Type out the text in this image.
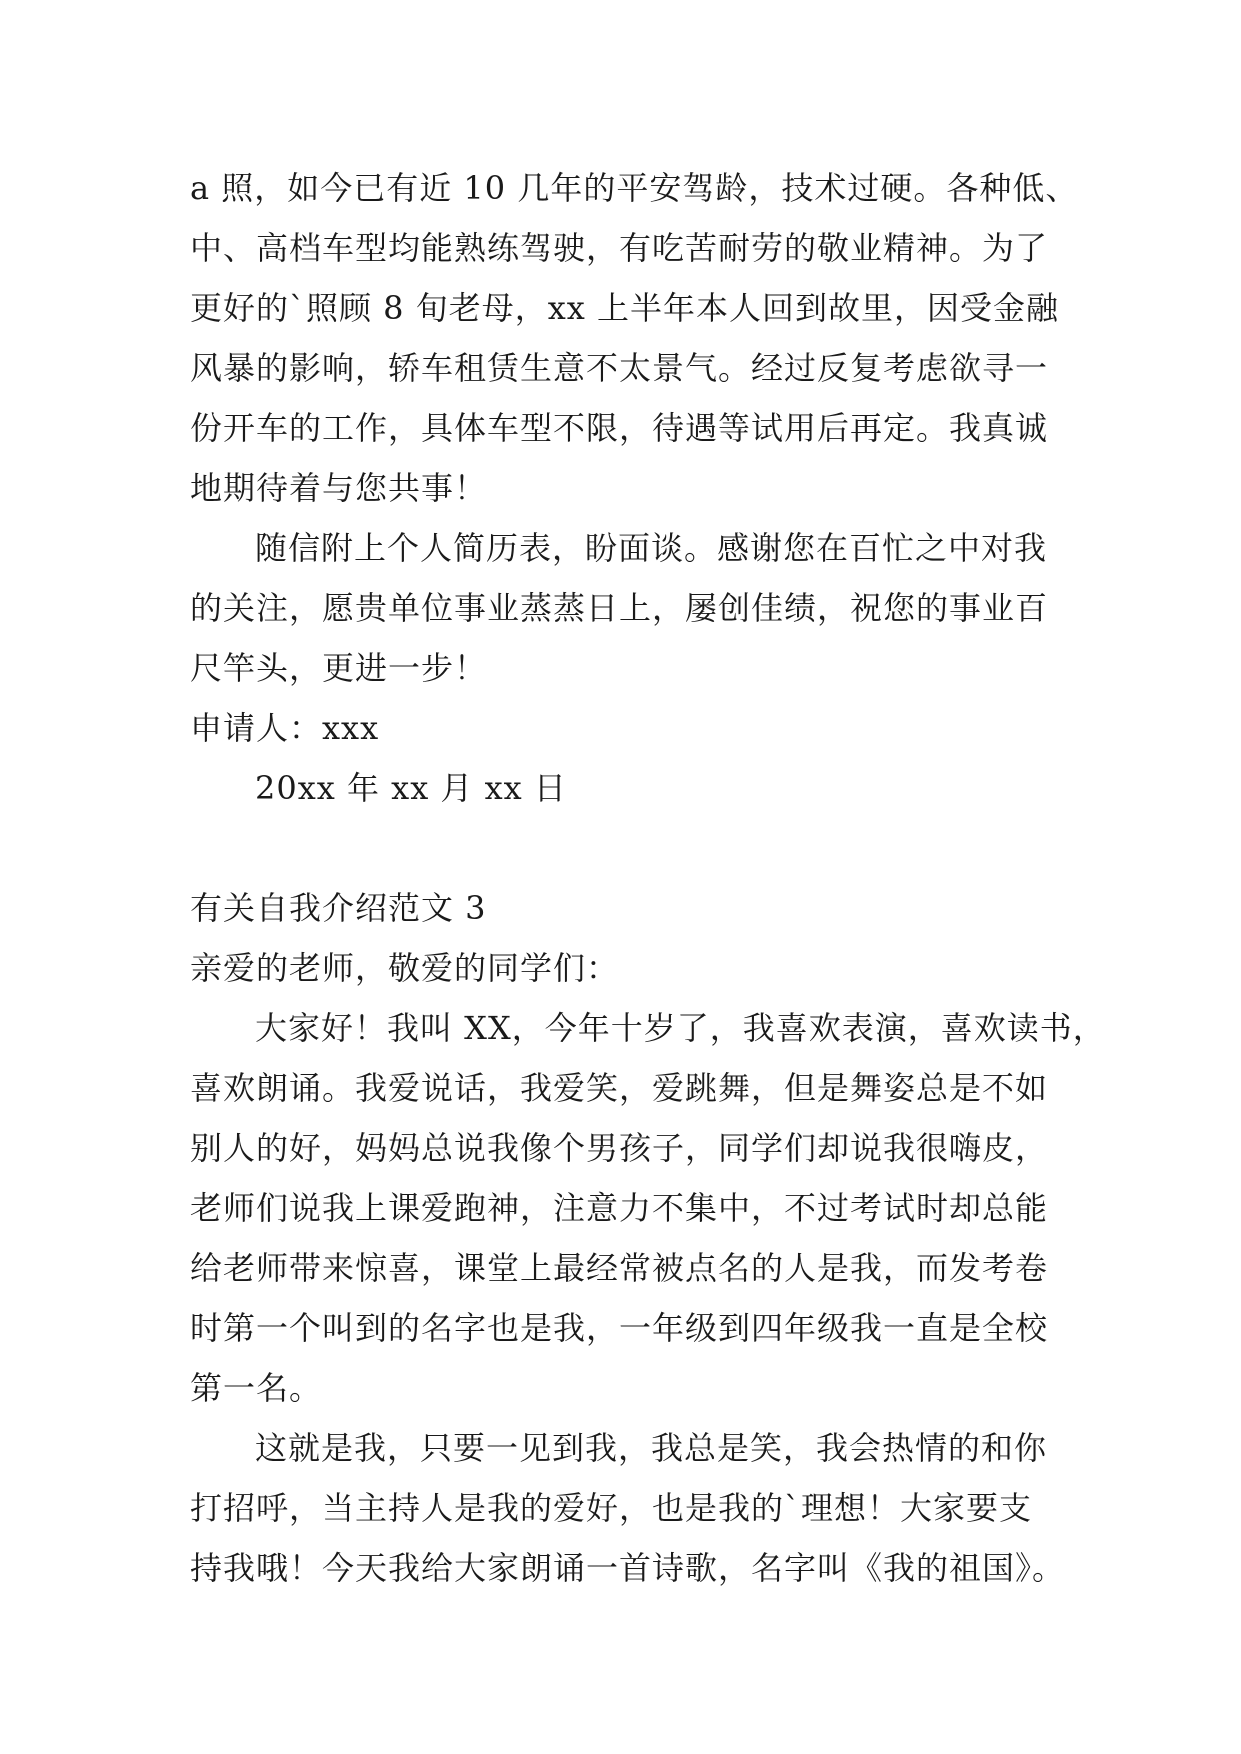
a 照，如今已有近 10 几年的平安驾龄，技术过硬。各种低、
中、高档车型均能熟练驾驶，有吃苦耐劳的敬业精神。为了
更好的`照顾 8 旬老母，xx 上半年本人回到故里，因受金融
风暴的影响，轿车租赁生意不太景气。经过反复考虑欲寻一
份开车的工作，具体车型不限，待遇等试用后再定。我真诚
地期待着与您共事！
随信附上个人简历表，盼面谈。感谢您在百忙之中对我
的关注，愿贵单位事业蒸蒸日上，屡创佳绩，祝您的事业百
尺竿头，更进一步！
申请人：xxx
20xx 年 xx 月 xx 日
有关自我介绍范文 3
亲爱的老师，敬爱的同学们：
大家好！我叫 XX，今年十岁了，我喜欢表演，喜欢读书，
喜欢朗诵。我爱说话，我爱笑，爱跳舞，但是舞姿总是不如
别人的好，妈妈总说我像个男孩子，同学们却说我很嗨皮，
老师们说我上课爱跑神，注意力不集中，不过考试时却总能
给老师带来惊喜，课堂上最经常被点名的人是我，而发考卷
时第一个叫到的名字也是我，一年级到四年级我一直是全校
第一名。
这就是我，只要一见到我，我总是笑，我会热情的和你
打招呼，当主持人是我的爱好，也是我的`理想！大家要支
持我哦！今天我给大家朗诵一首诗歌，名字叫《我的祖国》。
